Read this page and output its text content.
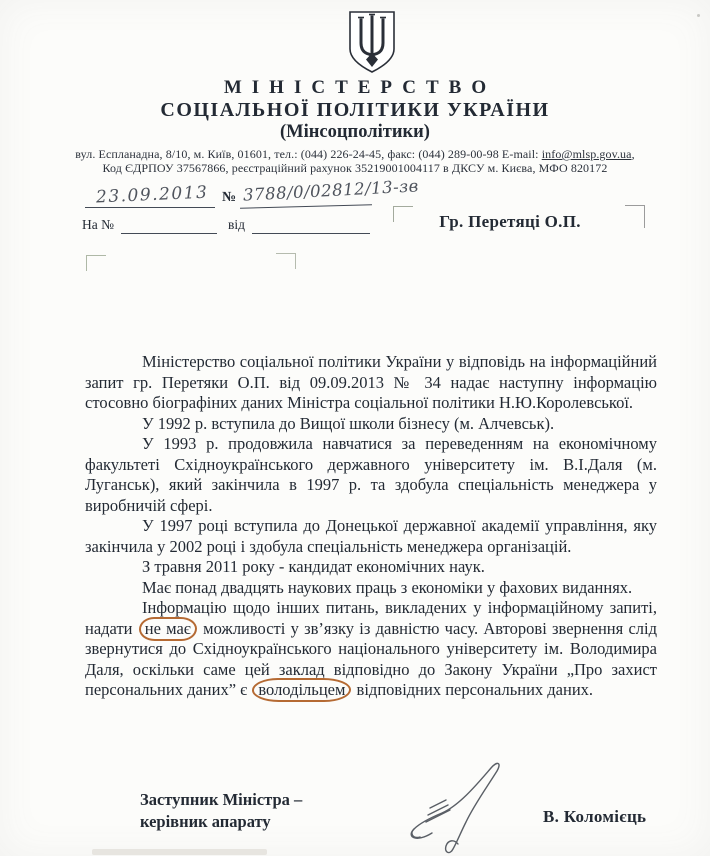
МІНІСТЕРСТВО
СОЦІАЛЬНОЇ ПОЛІТИКИ УКРАЇНИ
(Мінсоцполітики)
вул. Еспланадна, 8/10, м. Київ, 01601, тел.: (044) 226-24-45, факс: (044) 289-00-98 E-mail: info@mlsp.gov.ua,
Код ЄДРПОУ 37567866, реєстраційний рахунок 35219001004117 в ДКСУ м. Києва, МФО 820172
23.09.2013 № 3788/0/02812/13-зв
На №	від	Гр. Перетяці О.П.

Міністерство соціальної політики України у відповідь на інформаційний запит гр. Перетяки О.П. від 09.09.2013 № 34 надає наступну інформацію стосовно біографіних даних Міністра соціальної політики Н.Ю.Королевської.

У 1992 р. вступила до Вищої школи бізнесу (м. Алчевськ).

У 1993 р. продовжила навчатися за переведенням на економічному факультеті Східноукраїнського державного університету ім. В.І.Даля (м. Луганськ), який закінчила в 1997 р. та здобула спеціальність менеджера у виробничій сфері.

У 1997 році вступила до Донецької державної академії управління, яку закінчила у 2002 році і здобула спеціальність менеджера організацій.

З травня 2011 року - кандидат економічних наук.

Має понад двадцять наукових праць з економіки у фахових виданнях.

Інформацію щодо інших питань, викладених у інформаційному запиті, надати не має можливості у зв’язку із давністю часу. Авторові звернення слід звернутися до Східноукраїнського національного університету ім. Володимира Даля, оскільки саме цей заклад відповідно до Закону України „Про захист персональних даних” є володільцем відповідних персональних даних.

Заступник Міністра –
керівник апарату	В. Коломієць
